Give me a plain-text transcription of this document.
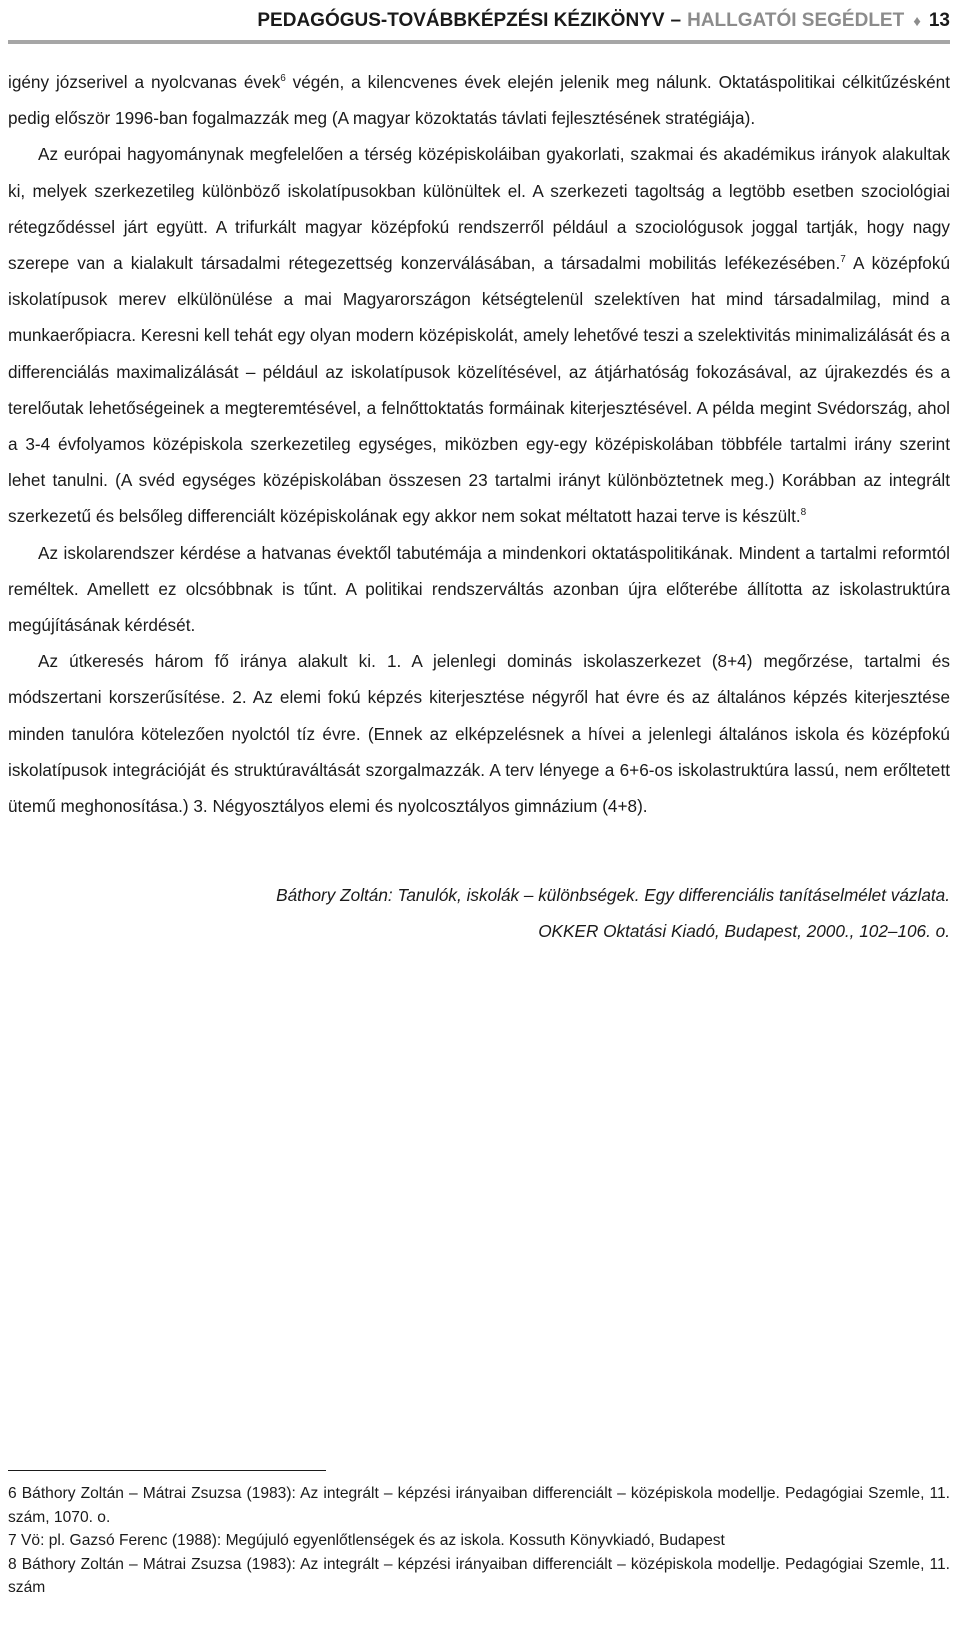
PEDAGÓGUS-TOVÁBBKÉPZÉSI KÉZIKÖNYV – HALLGATÓI SEGÉDLET ♦ 13

igény józserivel a nyolcvanas évek$^6$ végén, a kilencvenes évek elején jelenik meg nálunk. Oktatáspolitikai célkitűzésként pedig először 1996-ban fogalmazzák meg (A magyar közoktatás távlati fejlesztésének stratégiája).

Az európai hagyománynak megfelelően a térség középiskoláiban gyakorlati, szakmai és akadémikus irányok alakultak ki, melyek szerkezetileg különböző iskolatípusokban különültek el. A szerkezeti tagoltság a legtöbb esetben szociológiai rétegződéssel járt együtt. A trifurkált magyar középfokú rendszerről például a szociológusok joggal tartják, hogy nagy szerepe van a kialakult társadalmi rétegezettség konzerválásában, a társadalmi mobilitás lefékezésében.$^7$ A középfokú iskolatípusok merev elkülönülése a mai Magyarországon kétségtelenül szelektíven hat mind társadalmilag, mind a munkaerőpiacra. Keresni kell tehát egy olyan modern középiskolát, amely lehetővé teszi a szelektivitás minimalizálását és a differenciálás maximalizálását – például az iskolatípusok közelítésével, az átjárhatóság fokozásával, az újrakezdés és a terelőutak lehetőségeinek a megteremtésével, a felnőttoktatás formáinak kiterjesztésével. A példa megint Svédország, ahol a 3-4 évfolyamos középiskola szerkezetileg egységes, miközben egy-egy középiskolában többféle tartalmi irány szerint lehet tanulni. (A svéd egységes középiskolában összesen 23 tartalmi irányt különböztetnek meg.) Korábban az integrált szerkezetű és belsőleg differenciált középiskolának egy akkor nem sokat méltatott hazai terve is készült.$^8$

Az iskolarendszer kérdése a hatvanas évektől tabutémája a mindenkori oktatáspolitikának. Mindent a tartalmi reformtól reméltek. Amellett ez olcsóbbnak is tűnt. A politikai rendszerváltás azonban újra előterébe állította az iskolastruktúra megújításának kérdését.

Az útkeresés három fő iránya alakult ki. 1. A jelenlegi dominás iskolaszerkezet (8+4) megőrzése, tartalmi és módszertani korszerűsítése. 2. Az elemi fokú képzés kiterjesztése négyről hat évre és az általános képzés kiterjesztése minden tanulóra kötelezően nyolctól tíz évre. (Ennek az elképzelésnek a hívei a jelenlegi általános iskola és középfokú iskolatípusok integrációját és struktúraváltását szorgalmazzák. A terv lényege a 6+6-os iskolastruktúra lassú, nem erőltetett ütemű meghonosítása.) 3. Négyosztályos elemi és nyolcosztályos gimnázium (4+8).

Báthory Zoltán: Tanulók, iskolák – különbségek. Egy differenciális tanításelmélet vázlata.
OKKER Oktatási Kiadó, Budapest, 2000., 102–106. o.

6 Báthory Zoltán – Mátrai Zsuzsa (1983): Az integrált – képzési irányaiban differenciált – középiskola modellje. Pedagógiai Szemle, 11. szám, 1070. o.

7 Vö: pl. Gazsó Ferenc (1988): Megújuló egyenlőtlenségek és az iskola. Kossuth Könyvkiadó, Budapest

8 Báthory Zoltán – Mátrai Zsuzsa (1983): Az integrált – képzési irányaiban differenciált – középiskola modellje. Pedagógiai Szemle, 11. szám
